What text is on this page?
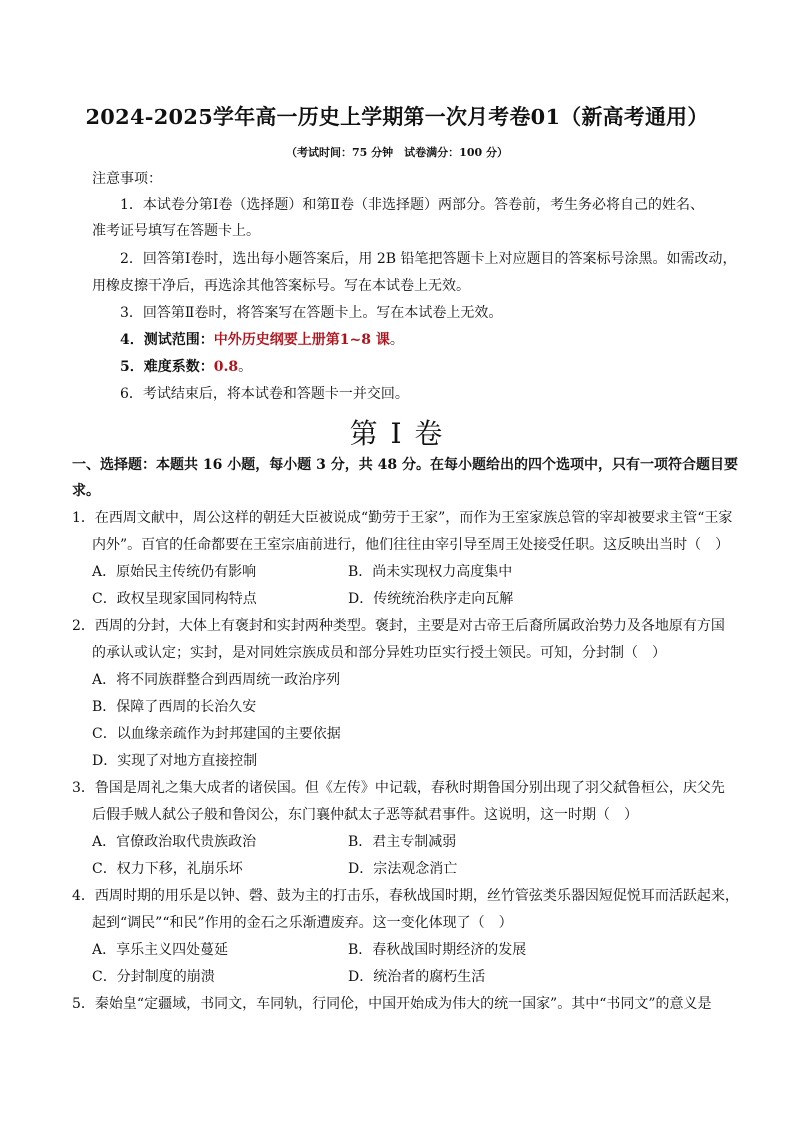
2024-2025学年高一历史上学期第一次月考卷01（新高考通用）
（考试时间：75 分钟　试卷满分：100 分）
注意事项：
1．本试卷分第Ⅰ卷（选择题）和第Ⅱ卷（非选择题）两部分。答卷前，考生务必将自己的姓名、
准考证号填写在答题卡上。
2．回答第Ⅰ卷时，选出每小题答案后，用 2B 铅笔把答题卡上对应题目的答案标号涂黑。如需改动，
用橡皮擦干净后，再选涂其他答案标号。写在本试卷上无效。
3．回答第Ⅱ卷时，将答案写在答题卡上。写在本试卷上无效。
4．测试范围：中外历史纲要上册第1~8 课。
5．难度系数：0.8。
6．考试结束后，将本试卷和答题卡一并交回。
第 I 卷
一、选择题：本题共 16 小题，每小题 3 分，共 48 分。在每小题给出的四个选项中，只有一项符合题目要
求。
1．在西周文献中，周公这样的朝廷大臣被说成“勤劳于王家”，而作为王室家族总管的宰却被要求主管“王家
内外”。百官的任命都要在王室宗庙前进行，他们往往由宰引导至周王处接受任职。这反映出当时（　）
A．原始民主传统仍有影响	B．尚未实现权力高度集中
C．政权呈现家国同构特点	D．传统统治秩序走向瓦解
2．西周的分封，大体上有褒封和实封两种类型。褒封，主要是对古帝王后裔所属政治势力及各地原有方国
的承认或认定；实封，是对同姓宗族成员和部分异姓功臣实行授土领民。可知，分封制（　）
A．将不同族群整合到西周统一政治序列
B．保障了西周的长治久安
C．以血缘亲疏作为封邦建国的主要依据
D．实现了对地方直接控制
3．鲁国是周礼之集大成者的诸侯国。但《左传》中记载，春秋时期鲁国分别出现了羽父弑鲁桓公，庆父先
后假手贼人弑公子般和鲁闵公，东门襄仲弑太子恶等弑君事件。这说明，这一时期（　）
A．官僚政治取代贵族政治	B．君主专制减弱
C．权力下移，礼崩乐坏	D．宗法观念消亡
4．西周时期的用乐是以钟、磬、鼓为主的打击乐，春秋战国时期，丝竹管弦类乐器因短促悦耳而活跃起来，
起到“调民”“和民”作用的金石之乐渐遭废弃。这一变化体现了（　）
A．享乐主义四处蔓延	B．春秋战国时期经济的发展
C．分封制度的崩溃	D．统治者的腐朽生活
5．秦始皇“定疆域，书同文，车同轨，行同伦，中国开始成为伟大的统一国家”。其中“书同文”的意义是
